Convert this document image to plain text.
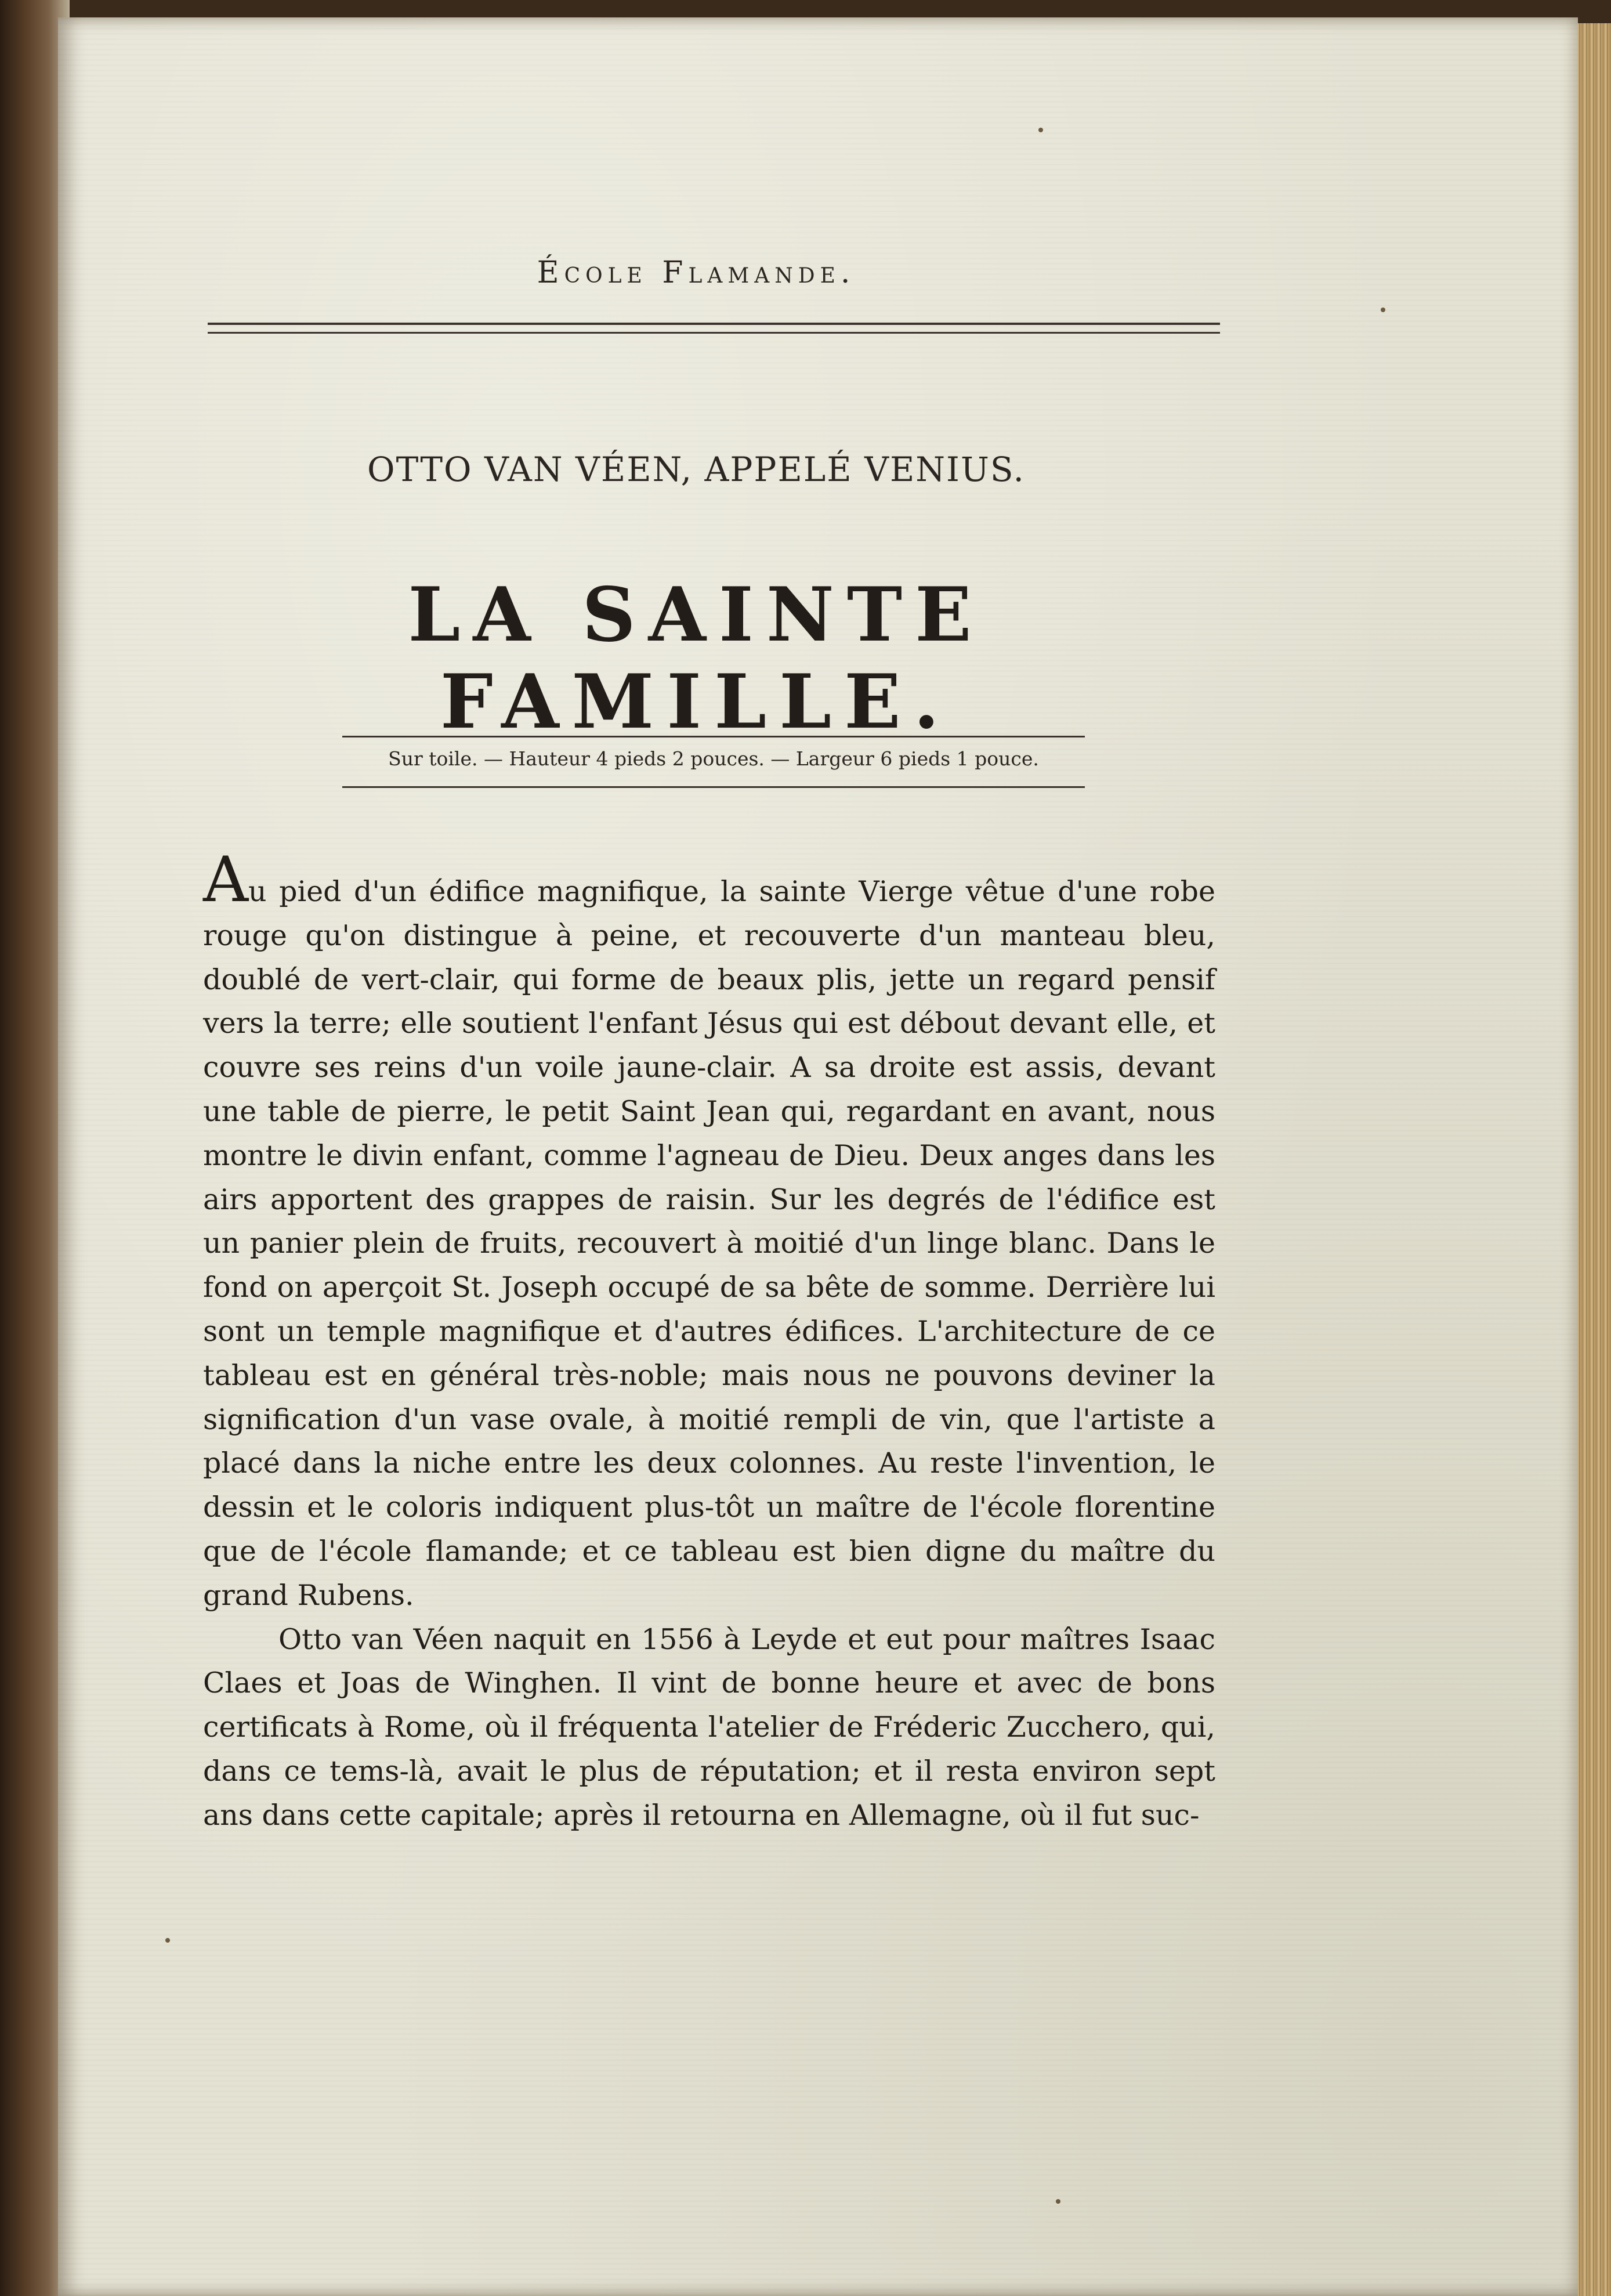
École Flamande.
OTTO VAN VÉEN, APPELÉ VENIUS.
LA SAINTE FAMILLE.
Sur toile. — Hauteur 4 pieds 2 pouces. — Largeur 6 pieds 1 pouce.

Au pied d'un édifice magnifique, la sainte Vierge vêtue d'une robe rouge qu'on distingue à peine, et recouverte d'un manteau bleu, doublé de vert-clair, qui forme de beaux plis, jette un regard pensif vers la terre; elle soutient l'enfant Jésus qui est débout devant elle, et couvre ses reins d'un voile jaune-clair. A sa droite est assis, devant une table de pierre, le petit Saint Jean qui, regardant en avant, nous montre le divin enfant, comme l'agneau de Dieu. Deux anges dans les airs apportent des grappes de raisin. Sur les degrés de l'édifice est un panier plein de fruits, recouvert à moitié d'un linge blanc. Dans le fond on aperçoit St. Joseph occupé de sa bête de somme. Derrière lui sont un temple magnifique et d'autres édifices. L'architecture de ce tableau est en général très-noble; mais nous ne pouvons deviner la signification d'un vase ovale, à moitié rempli de vin, que l'artiste a placé dans la niche entre les deux colonnes. Au reste l'invention, le dessin et le coloris indiquent plus-tôt un maître de l'école florentine que de l'école flamande; et ce tableau est bien digne du maître du grand Rubens.

Otto van Véen naquit en 1556 à Leyde et eut pour maîtres Isaac Claes et Joas de Winghen. Il vint de bonne heure et avec de bons certificats à Rome, où il fréquenta l'atelier de Fréderic Zucchero, qui, dans ce tems-là, avait le plus de réputation; et il resta environ sept ans dans cette capitale; après il retourna en Allemagne, où il fut suc-
